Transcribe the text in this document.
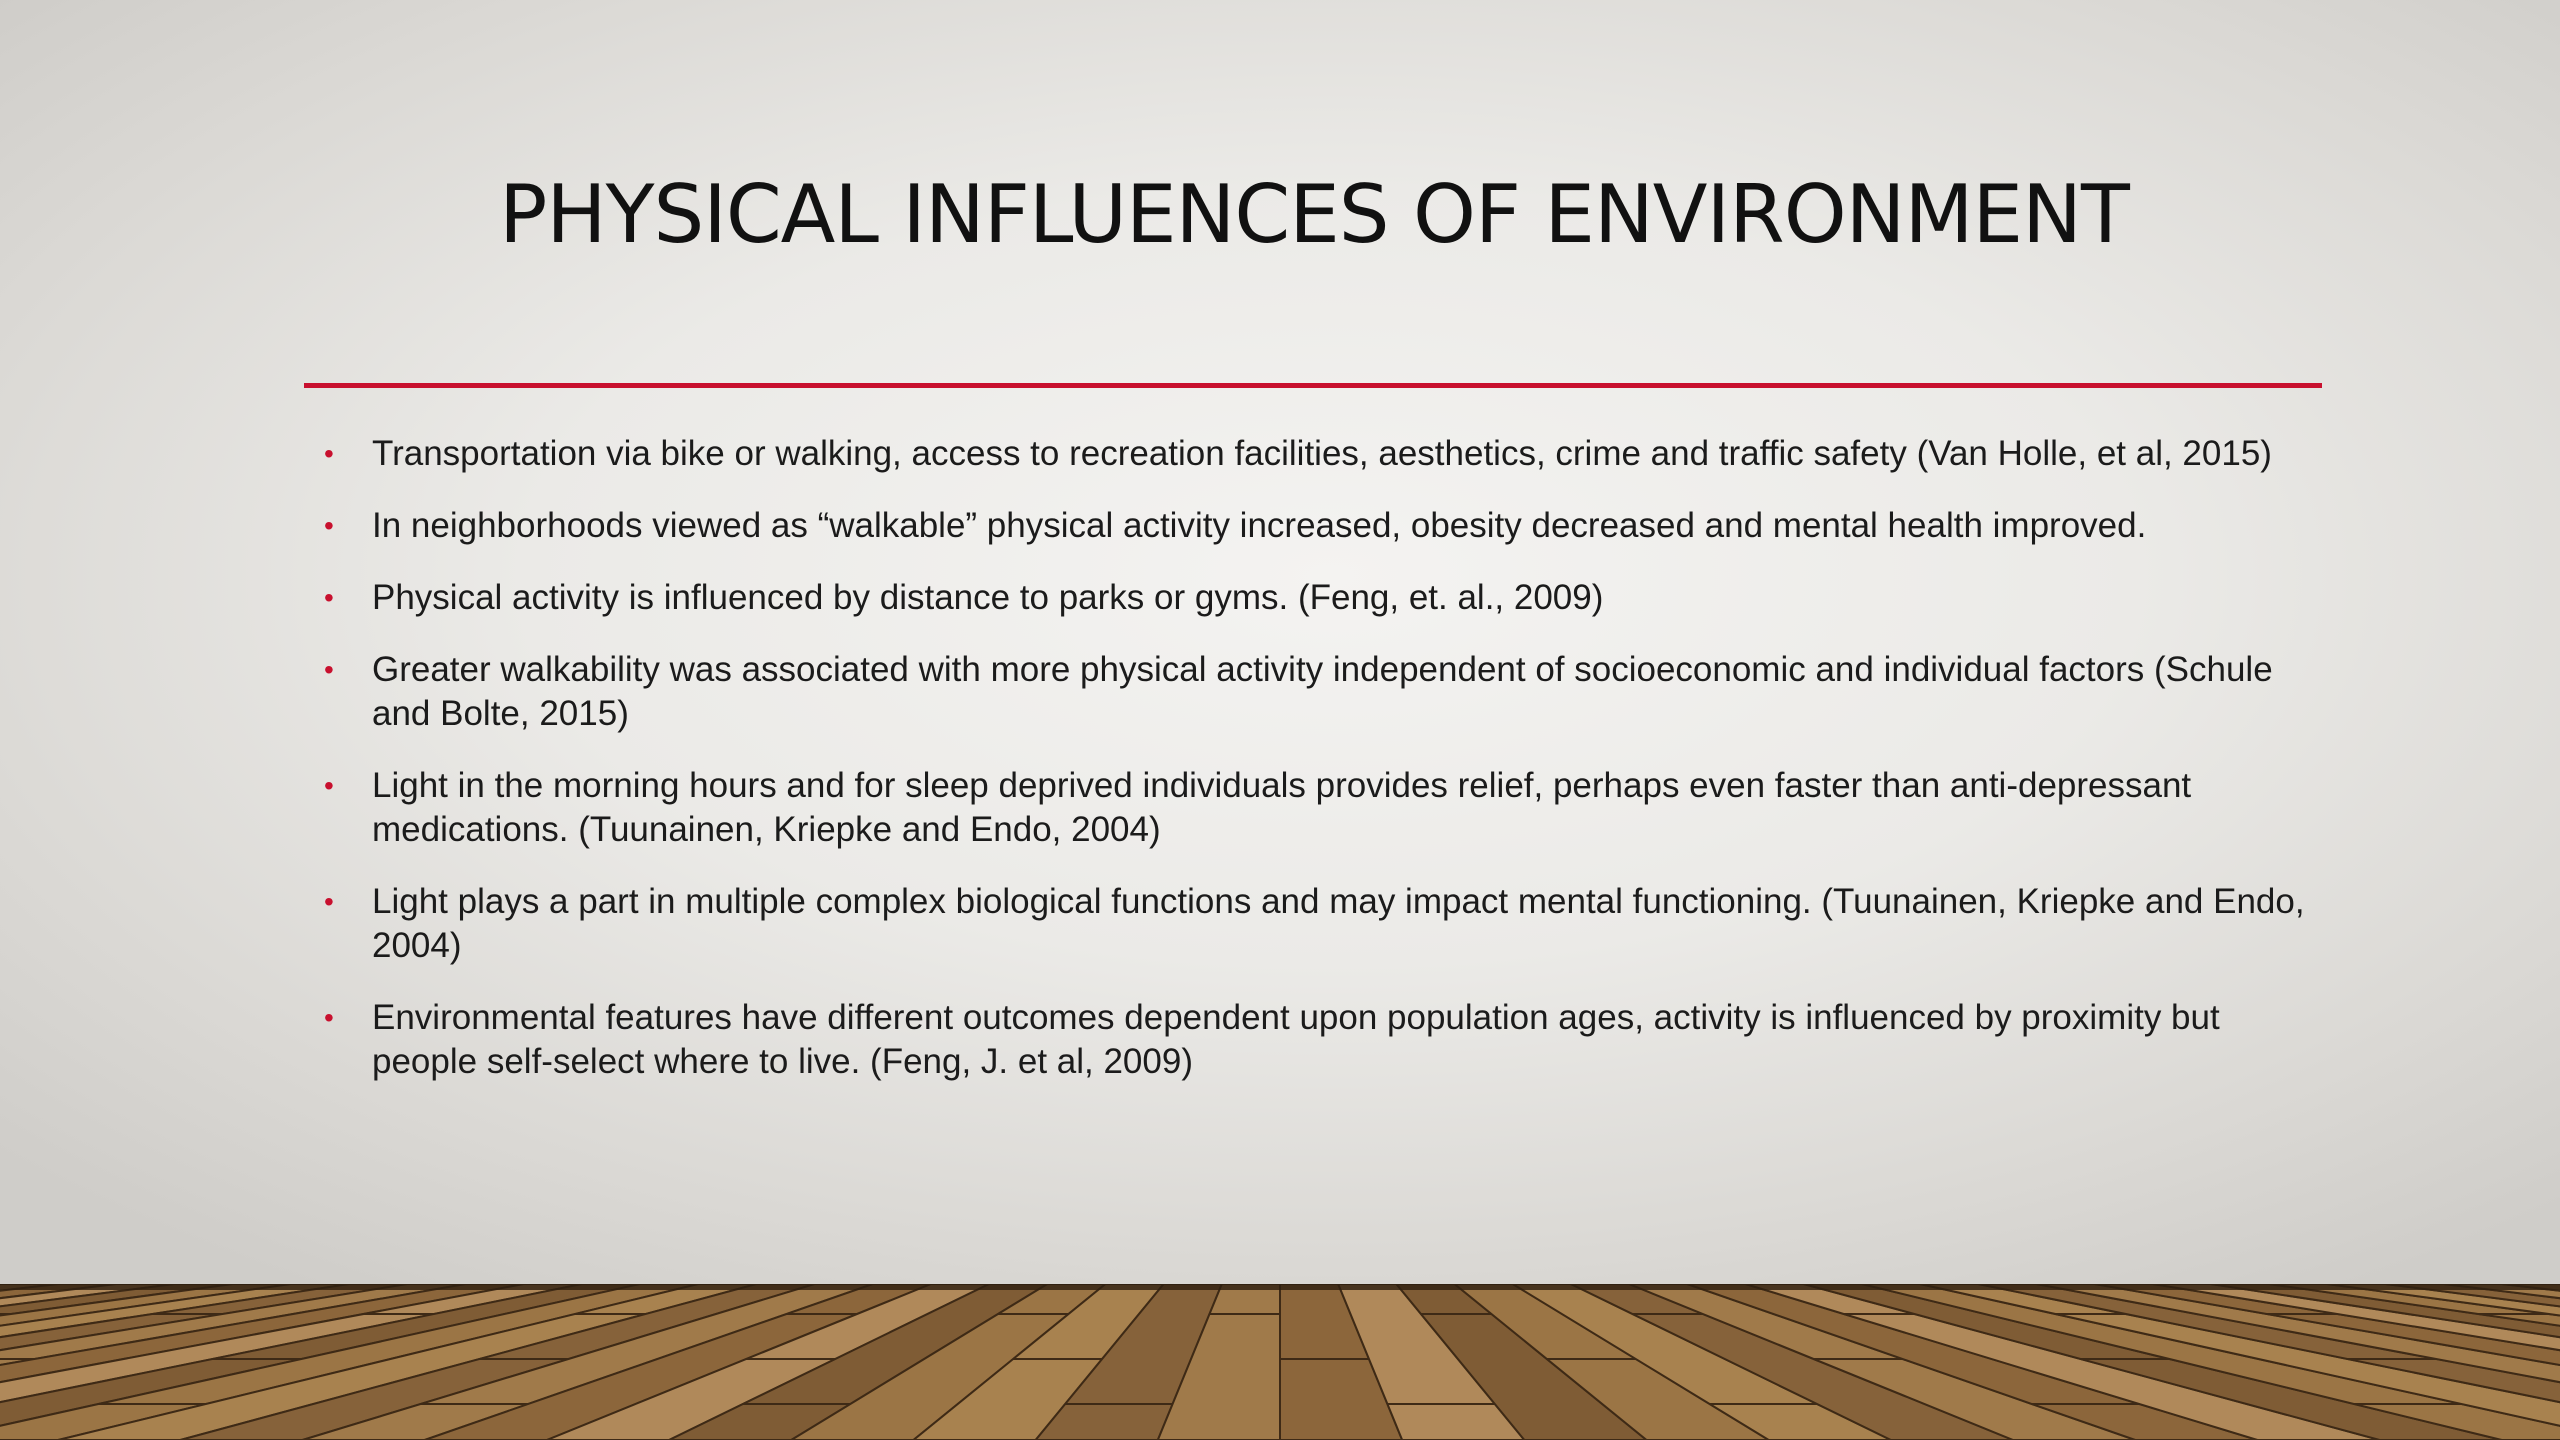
PHYSICAL INFLUENCES OF ENVIRONMENT
• Transportation via bike or walking, access to recreation facilities, aesthetics, crime and traffic safety (Van Holle, et al, 2015)
• In neighborhoods viewed as “walkable” physical activity increased, obesity decreased and mental health improved.
• Physical activity is influenced by distance to parks or gyms. (Feng, et. al., 2009)
• Greater walkability was associated with more physical activity independent of socioeconomic and individual factors (Schule and Bolte, 2015)
• Light in the morning hours and for sleep deprived individuals provides relief, perhaps even faster than anti-depressant medications. (Tuunainen, Kriepke and Endo, 2004)
• Light plays a part in multiple complex biological functions and may impact mental functioning. (Tuunainen, Kriepke and Endo, 2004)
• Environmental features have different outcomes dependent upon population ages, activity is influenced by proximity but people self-select where to live. (Feng, J. et al, 2009)
